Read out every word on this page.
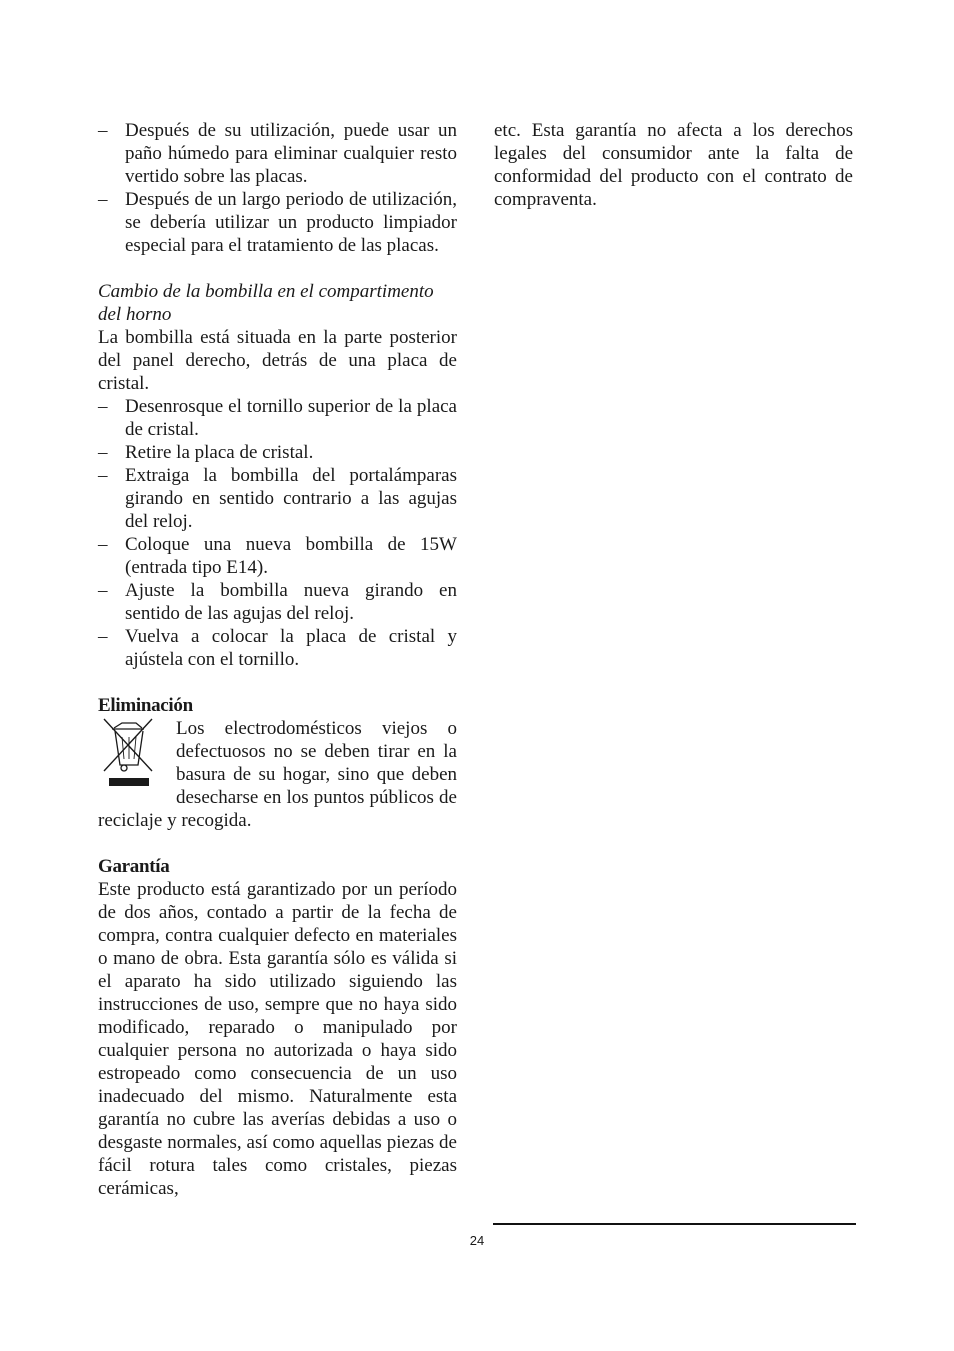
– Después de su utilización, puede usar un paño húmedo para eliminar cualquier resto vertido sobre las placas.
– Después de un largo periodo de utilización, se debería utilizar un producto limpiador especial para el tratamiento de las placas.

Cambio de la bombilla en el compartimento del horno

La bombilla está situada en la parte posterior del panel derecho, detrás de una placa de cristal.

– Desenrosque el tornillo superior de la placa de cristal.
– Retire la placa de cristal.
– Extraiga la bombilla del portalámparas girando en sentido contrario a las agujas del reloj.
– Coloque una nueva bombilla de 15W (entrada tipo E14).
– Ajuste la bombilla nueva girando en sentido de las agujas del reloj.
– Vuelva a colocar la placa de cristal y ajústela con el tornillo.

Eliminación

Los electrodomésticos viejos o defectuosos no se deben tirar en la basura de su hogar, sino que deben desecharse en los puntos públicos de reciclaje y recogida.

Garantía

Este producto está garantizado por un período de dos años, contado a partir de la fecha de compra, contra cualquier defecto en materiales o mano de obra. Esta garantía sólo es válida si el aparato ha sido utilizado siguiendo las instrucciones de uso, sempre que no haya sido modificado, reparado o manipulado por cualquier persona no autorizada o haya sido estropeado como consecuencia de un uso inadecuado del mismo. Naturalmente esta garantía no cubre las averías debidas a uso o desgaste normales, así como aquellas piezas de fácil rotura tales como cristales, piezas cerámicas,

etc. Esta garantía no afecta a los derechos legales del consumidor ante la falta de conformidad del producto con el contrato de compraventa.

24
